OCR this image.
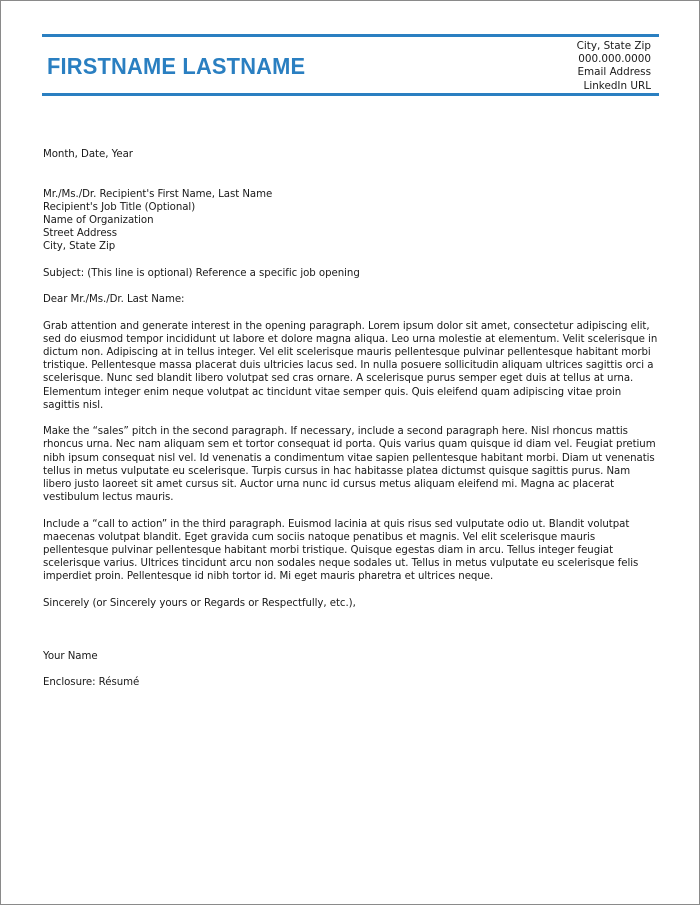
FIRSTNAME LASTNAME
City, State Zip
000.000.0000
Email Address
LinkedIn URL

Month, Date, Year

Mr./Ms./Dr. Recipient's First Name, Last Name

Recipient's Job Title (Optional)

Name of Organization

Street Address

City, State Zip

Subject: (This line is optional) Reference a specific job opening

Dear Mr./Ms./Dr. Last Name:

Grab attention and generate interest in the opening paragraph. Lorem ipsum dolor sit amet, consectetur adipiscing elit, sed do eiusmod tempor incididunt ut labore et dolore magna aliqua. Leo urna molestie at elementum. Velit scelerisque in dictum non. Adipiscing at in tellus integer. Vel elit scelerisque mauris pellentesque pulvinar pellentesque habitant morbi tristique. Pellentesque massa placerat duis ultricies lacus sed. In nulla posuere sollicitudin aliquam ultrices sagittis orci a scelerisque. Nunc sed blandit libero volutpat sed cras ornare. A scelerisque purus semper eget duis at tellus at urna. Elementum integer enim neque volutpat ac tincidunt vitae semper quis. Quis eleifend quam adipiscing vitae proin sagittis nisl.

Make the “sales” pitch in the second paragraph. If necessary, include a second paragraph here. Nisl rhoncus mattis rhoncus urna. Nec nam aliquam sem et tortor consequat id porta. Quis varius quam quisque id diam vel. Feugiat pretium nibh ipsum consequat nisl vel. Id venenatis a condimentum vitae sapien pellentesque habitant morbi. Diam ut venenatis tellus in metus vulputate eu scelerisque. Turpis cursus in hac habitasse platea dictumst quisque sagittis purus. Nam libero justo laoreet sit amet cursus sit. Auctor urna nunc id cursus metus aliquam eleifend mi. Magna ac placerat vestibulum lectus mauris.

Include a “call to action” in the third paragraph. Euismod lacinia at quis risus sed vulputate odio ut. Blandit volutpat maecenas volutpat blandit. Eget gravida cum sociis natoque penatibus et magnis. Vel elit scelerisque mauris pellentesque pulvinar pellentesque habitant morbi tristique. Quisque egestas diam in arcu. Tellus integer feugiat scelerisque varius. Ultrices tincidunt arcu non sodales neque sodales ut. Tellus in metus vulputate eu scelerisque felis imperdiet proin. Pellentesque id nibh tortor id. Mi eget mauris pharetra et ultrices neque.

Sincerely (or Sincerely yours or Regards or Respectfully, etc.),

Your Name

Enclosure: Résumé
